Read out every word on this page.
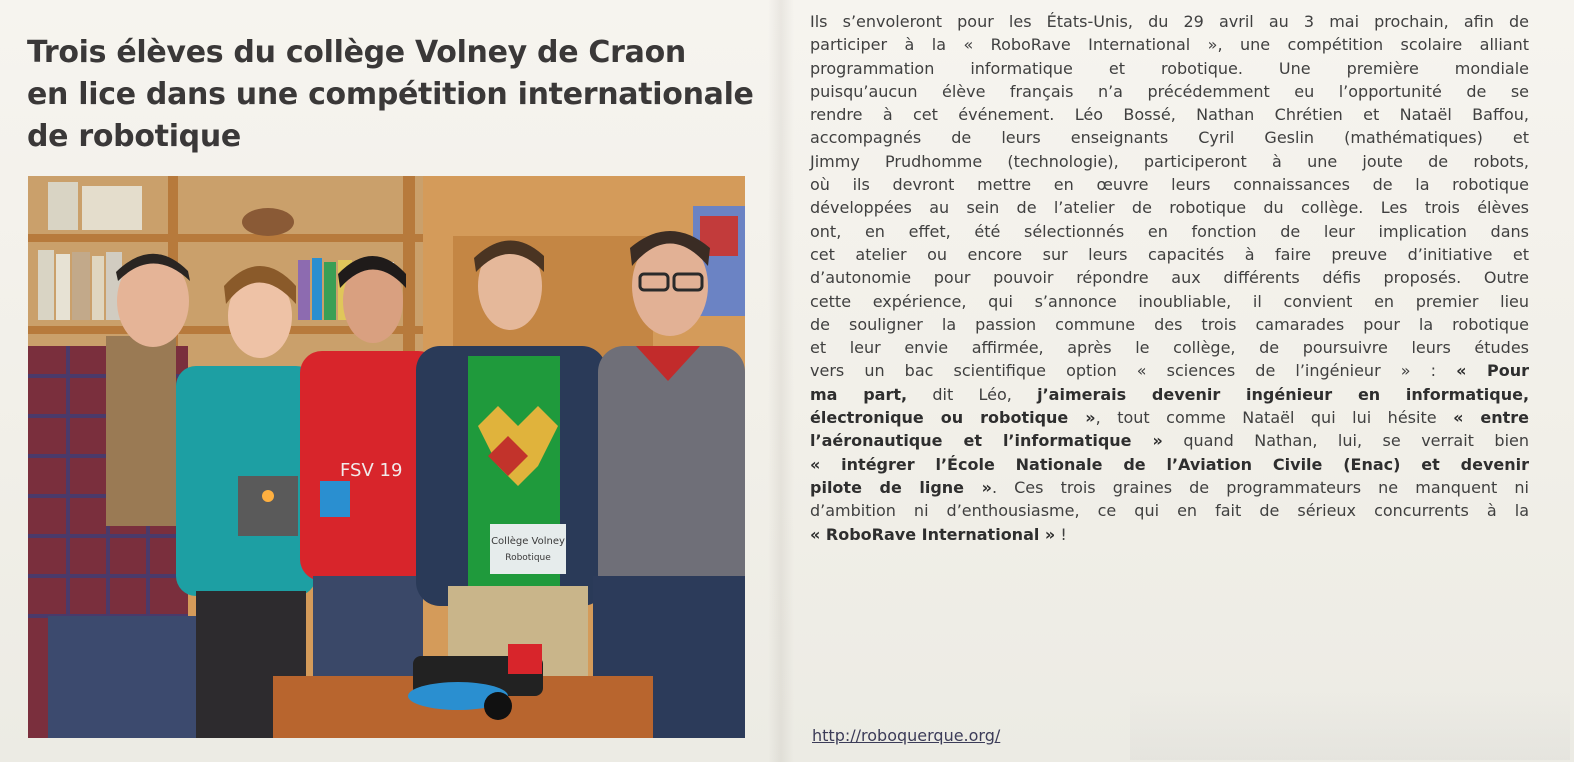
Trois élèves du collège Volney de Craon
en lice dans une compétition internationale
de robotique
FSV 19
Collège Volney
Robotique
Ils s’envoleront pour les États-Unis, du 29 avril au 3 mai prochain, afin de
participer à la « RoboRave International », une compétition scolaire alliant
programmation informatique et robotique. Une première mondiale
puisqu’aucun élève français n’a précédemment eu l’opportunité de se
rendre à cet événement. Léo Bossé, Nathan Chrétien et Nataël Baffou,
accompagnés de leurs enseignants Cyril Geslin (mathématiques) et
Jimmy Prudhomme (technologie), participeront à une joute de robots,
où ils devront mettre en œuvre leurs connaissances de la robotique
développées au sein de l’atelier de robotique du collège. Les trois élèves
ont, en effet, été sélectionnés en fonction de leur implication dans
cet atelier ou encore sur leurs capacités à faire preuve d’initiative et
d’autonomie pour pouvoir répondre aux différents défis proposés. Outre
cette expérience, qui s’annonce inoubliable, il convient en premier lieu
de souligner la passion commune des trois camarades pour la robotique
et leur envie affirmée, après le collège, de poursuivre leurs études
vers un bac scientifique option « sciences de l’ingénieur » : « Pour
ma part, dit Léo, j’aimerais devenir ingénieur en informatique,
électronique ou robotique », tout comme Nataël qui lui hésite « entre
l’aéronautique et l’informatique » quand Nathan, lui, se verrait bien
« intégrer l’École Nationale de l’Aviation Civile (Enac) et devenir
pilote de ligne ». Ces trois graines de programmateurs ne manquent ni
d’ambition ni d’enthousiasme, ce qui en fait de sérieux concurrents à la
« RoboRave International » !
http://roboquerque.org/
